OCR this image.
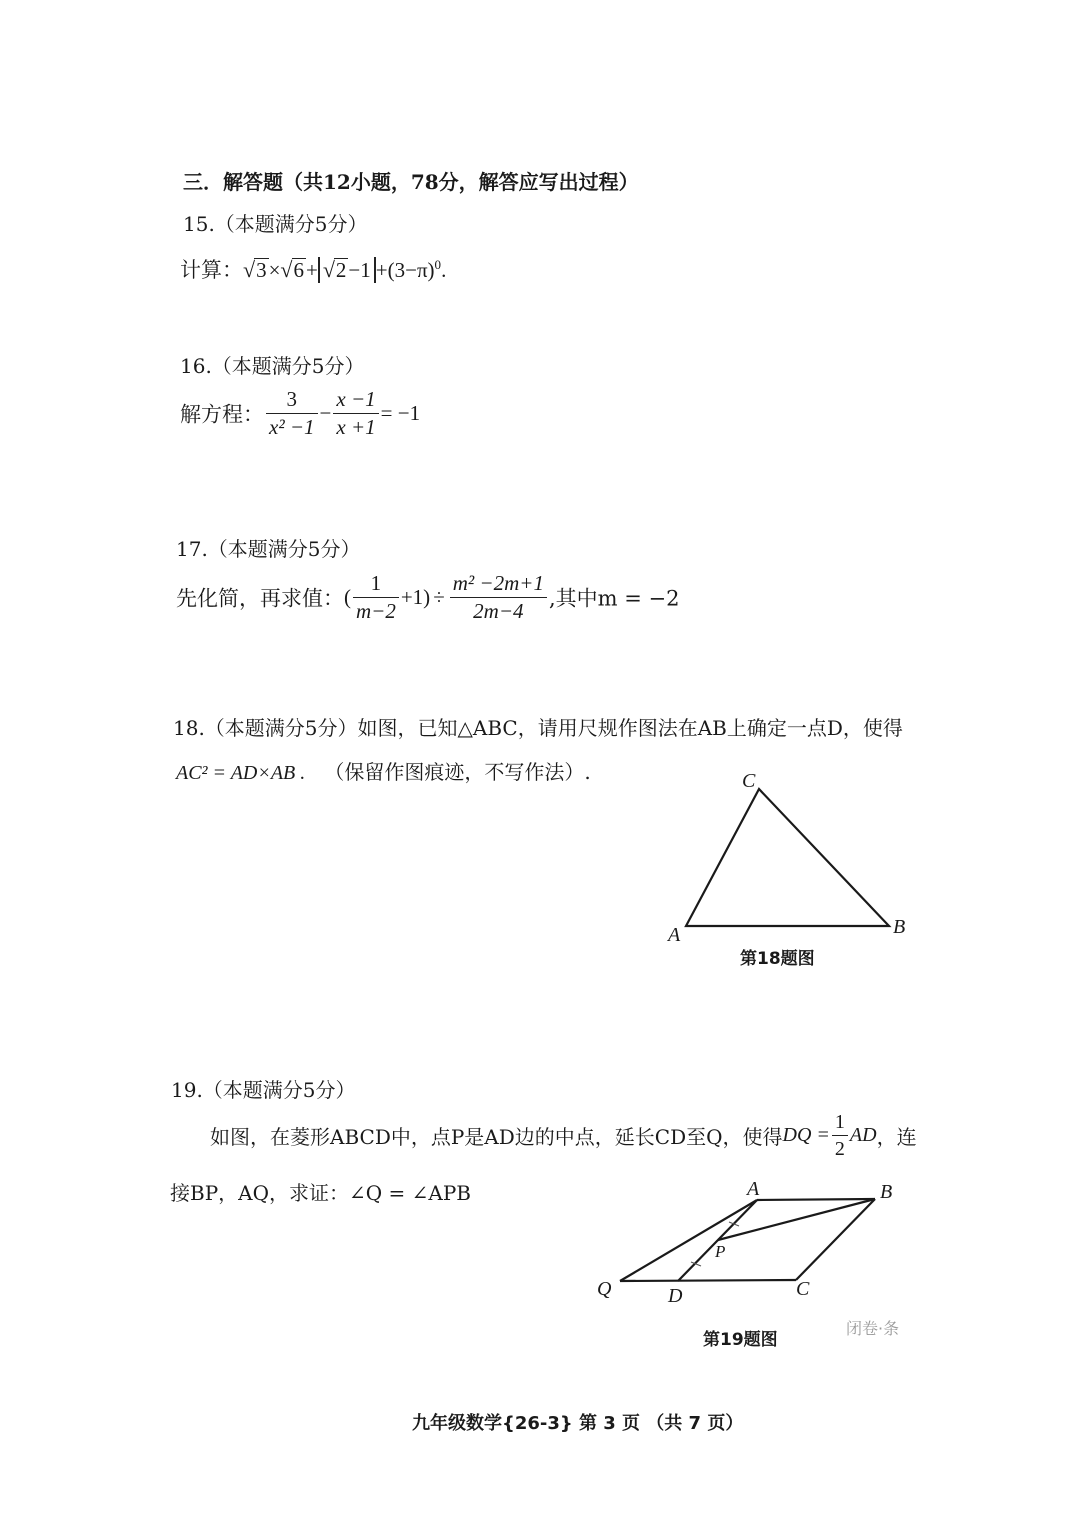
三．解答题（共12小题，78分，解答应写出过程）
15.（本题满分5分）
计算：$√3\times√6+ √2-1 +(3-\pi)^0$.
16.（本题满分5分）
解方程： $\frac{3}{\text{x² −1}} - \frac{x -1}{x +1} = -1$
17.（本题满分5分）
先化简，再求值：( $\frac{1}{m-2} +1) \div \frac{\text{m² −2m+1}}{2m-4}$ ,其中m = −2
18.（本题满分5分）如图，已知△ABC，请用尺规作图法在AB上确定一点D，使得
AC² = AD×AB . （保留作图痕迹，不写作法）.	C
A	B
第18题图
19.（本题满分5分）
如图，在菱形ABCD中，点P是AD边的中点，延长CD至Q，使得DQ = $\frac{1}{2}$ AD，连
接BP，AQ，求证：∠Q = ∠APB	A	B
P
Q	D	C
第19题图
闭卷·条
九年级数学{26-3} 第 3 页 （共 7 页）
